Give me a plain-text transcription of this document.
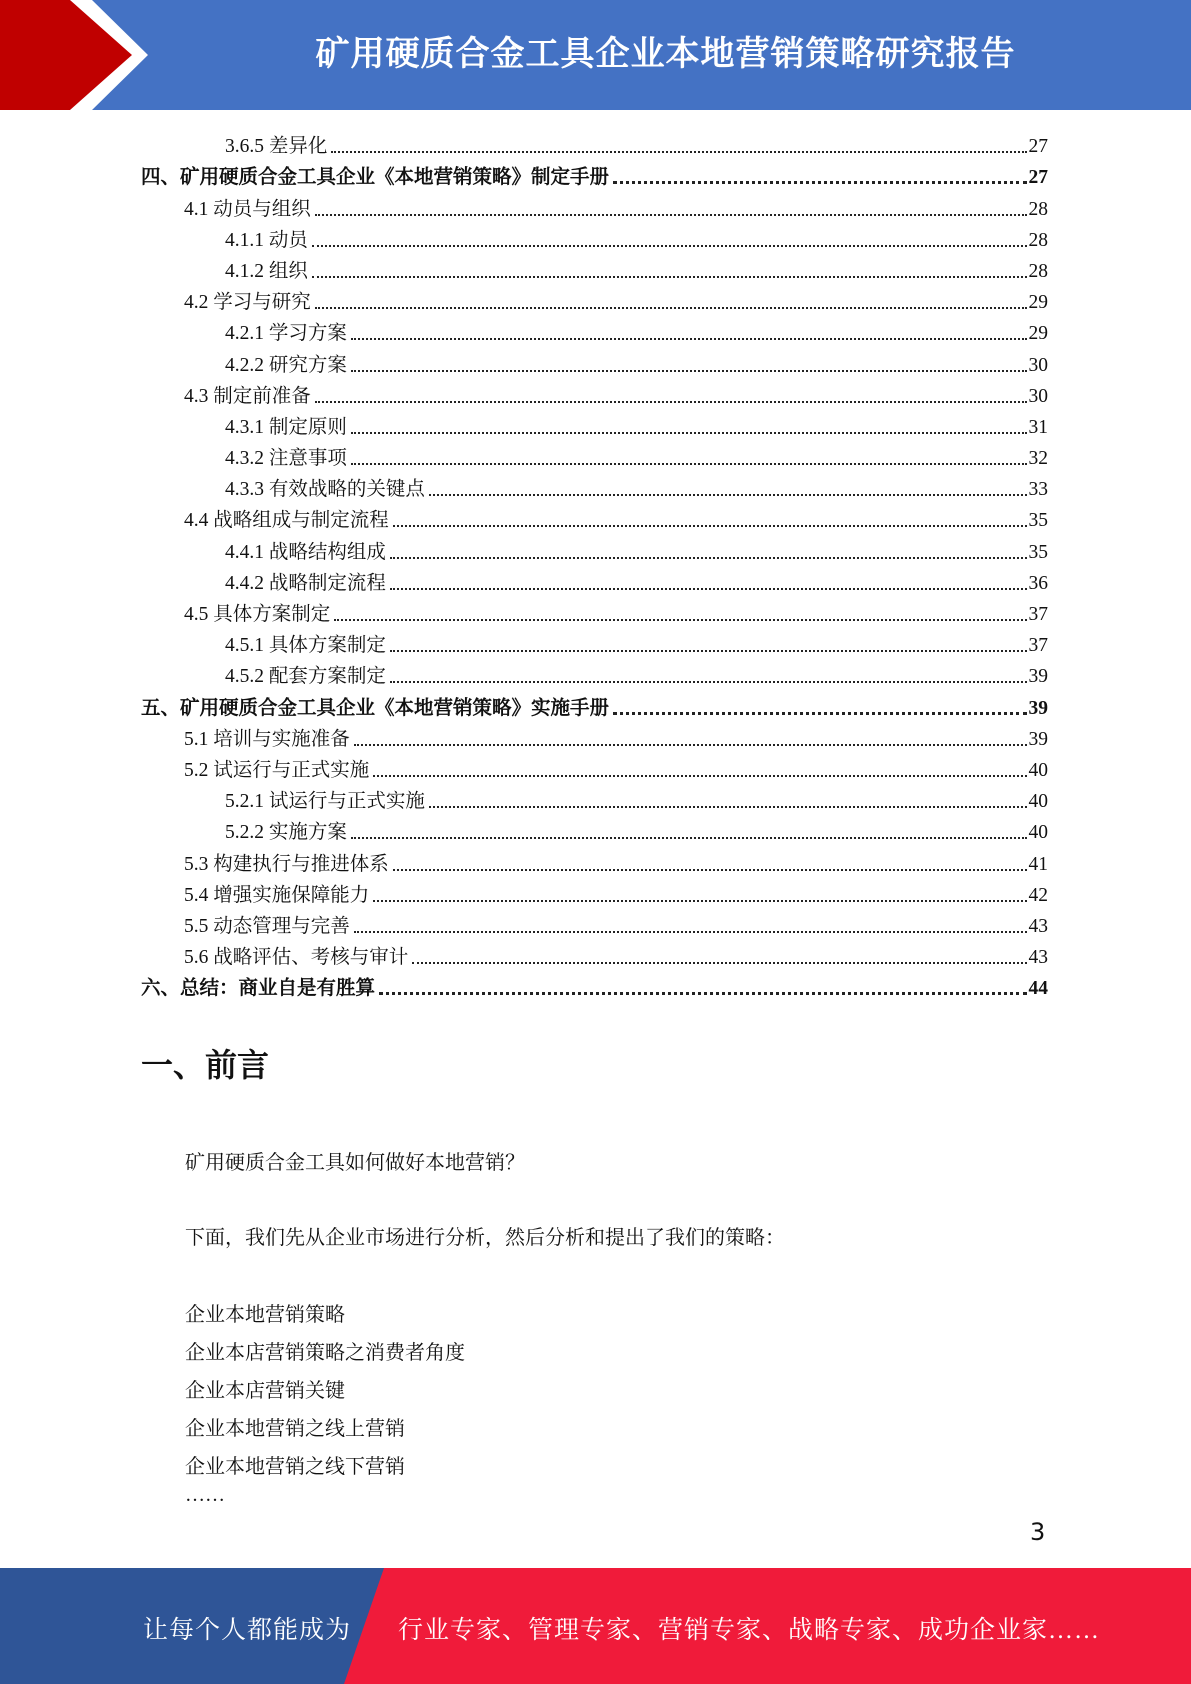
矿用硬质合金工具企业本地营销策略研究报告
3.6.5 差异化	27
四、矿用硬质合金工具企业《本地营销策略》制定手册	27
4.1 动员与组织	28
4.1.1 动员	28
4.1.2 组织	28
4.2 学习与研究	29
4.2.1 学习方案	29
4.2.2 研究方案	30
4.3 制定前准备	30
4.3.1 制定原则	31
4.3.2 注意事项	32
4.3.3 有效战略的关键点	33
4.4 战略组成与制定流程	35
4.4.1 战略结构组成	35
4.4.2 战略制定流程	36
4.5 具体方案制定	37
4.5.1 具体方案制定	37
4.5.2 配套方案制定	39
五、矿用硬质合金工具企业《本地营销策略》实施手册	39
5.1 培训与实施准备	39
5.2 试运行与正式实施	40
5.2.1 试运行与正式实施	40
5.2.2 实施方案	40
5.3 构建执行与推进体系	41
5.4 增强实施保障能力	42
5.5 动态管理与完善	43
5.6 战略评估、考核与审计	43
六、总结：商业自是有胜算	44
一、前言
矿用硬质合金工具如何做好本地营销？
下面，我们先从企业市场进行分析，然后分析和提出了我们的策略：
企业本地营销策略
企业本店营销策略之消费者角度
企业本店营销关键
企业本地营销之线上营销
企业本地营销之线下营销
……
3
让每个人都能成为 行业专家、管理专家、营销专家、战略专家、成功企业家……
